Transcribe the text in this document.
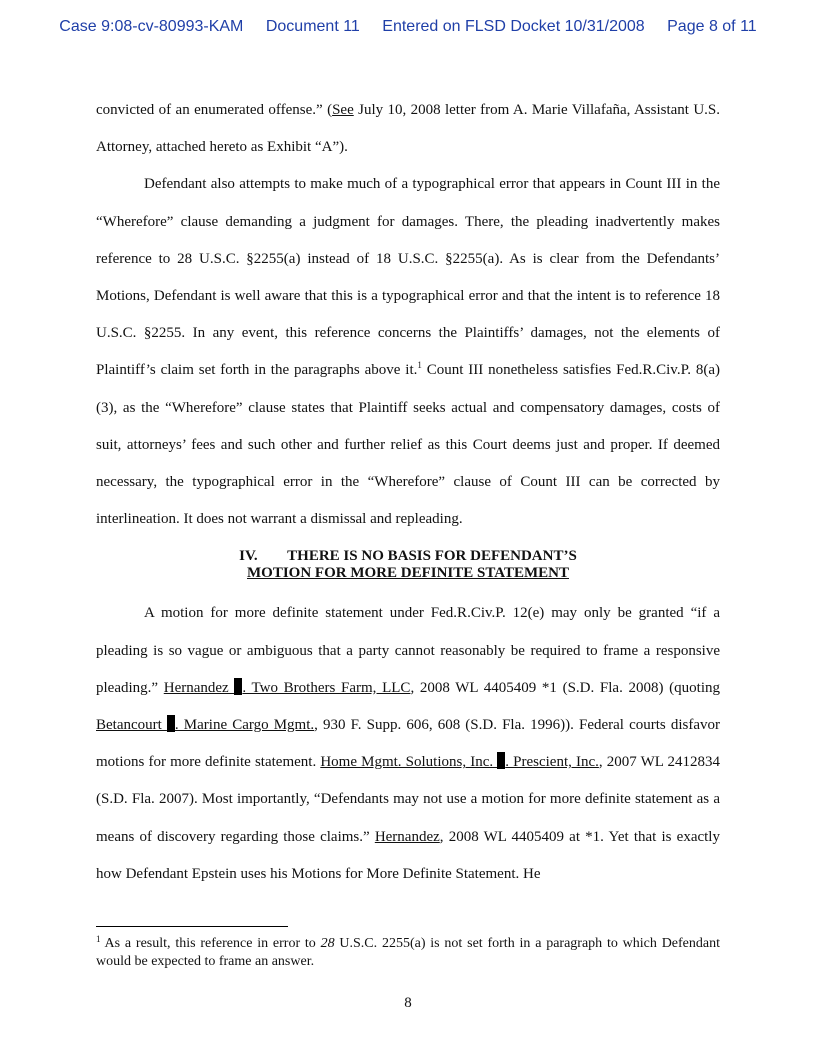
Case 9:08-cv-80993-KAM Document 11 Entered on FLSD Docket 10/31/2008 Page 8 of 11

convicted of an enumerated offense.” (See July 10, 2008 letter from A. Marie Villafaña, Assistant U.S. Attorney, attached hereto as Exhibit “A”).

Defendant also attempts to make much of a typographical error that appears in Count III in the “Wherefore” clause demanding a judgment for damages. There, the pleading inadvertently makes reference to 28 U.S.C. §2255(a) instead of 18 U.S.C. §2255(a). As is clear from the Defendants’ Motions, Defendant is well aware that this is a typographical error and that the intent is to reference 18 U.S.C. §2255. In any event, this reference concerns the Plaintiffs’ damages, not the elements of Plaintiff’s claim set forth in the paragraphs above it.$^1$ Count III nonetheless satisfies Fed.R.Civ.P. 8(a)(3), as the “Wherefore” clause states that Plaintiff seeks actual and compensatory damages, costs of suit, attorneys’ fees and such other and further relief as this Court deems just and proper. If deemed necessary, the typographical error in the “Wherefore” clause of Count III can be corrected by interlineation. It does not warrant a dismissal and repleading.

IV. THERE IS NO BASIS FOR DEFENDANT’S
MOTION FOR MORE DEFINITE STATEMENT

A motion for more definite statement under Fed.R.Civ.P. 12(e) may only be granted “if a pleading is so vague or ambiguous that a party cannot reasonably be required to frame a responsive pleading.” Hernandez . Two Brothers Farm, LLC, 2008 WL 4405409 *1 (S.D. Fla. 2008) (quoting Betancourt . Marine Cargo Mgmt., 930 F. Supp. 606, 608 (S.D. Fla. 1996)). Federal courts disfavor motions for more definite statement. Home Mgmt. Solutions, Inc. . Prescient, Inc., 2007 WL 2412834 (S.D. Fla. 2007). Most importantly, “Defendants may not use a motion for more definite statement as a means of discovery regarding those claims.” Hernandez, 2008 WL 4405409 at *1. Yet that is exactly how Defendant Epstein uses his Motions for More Definite Statement. He

$^1$ As a result, this reference in error to 28 U.S.C. 2255(a) is not set forth in a paragraph to which Defendant would be expected to frame an answer.
8
